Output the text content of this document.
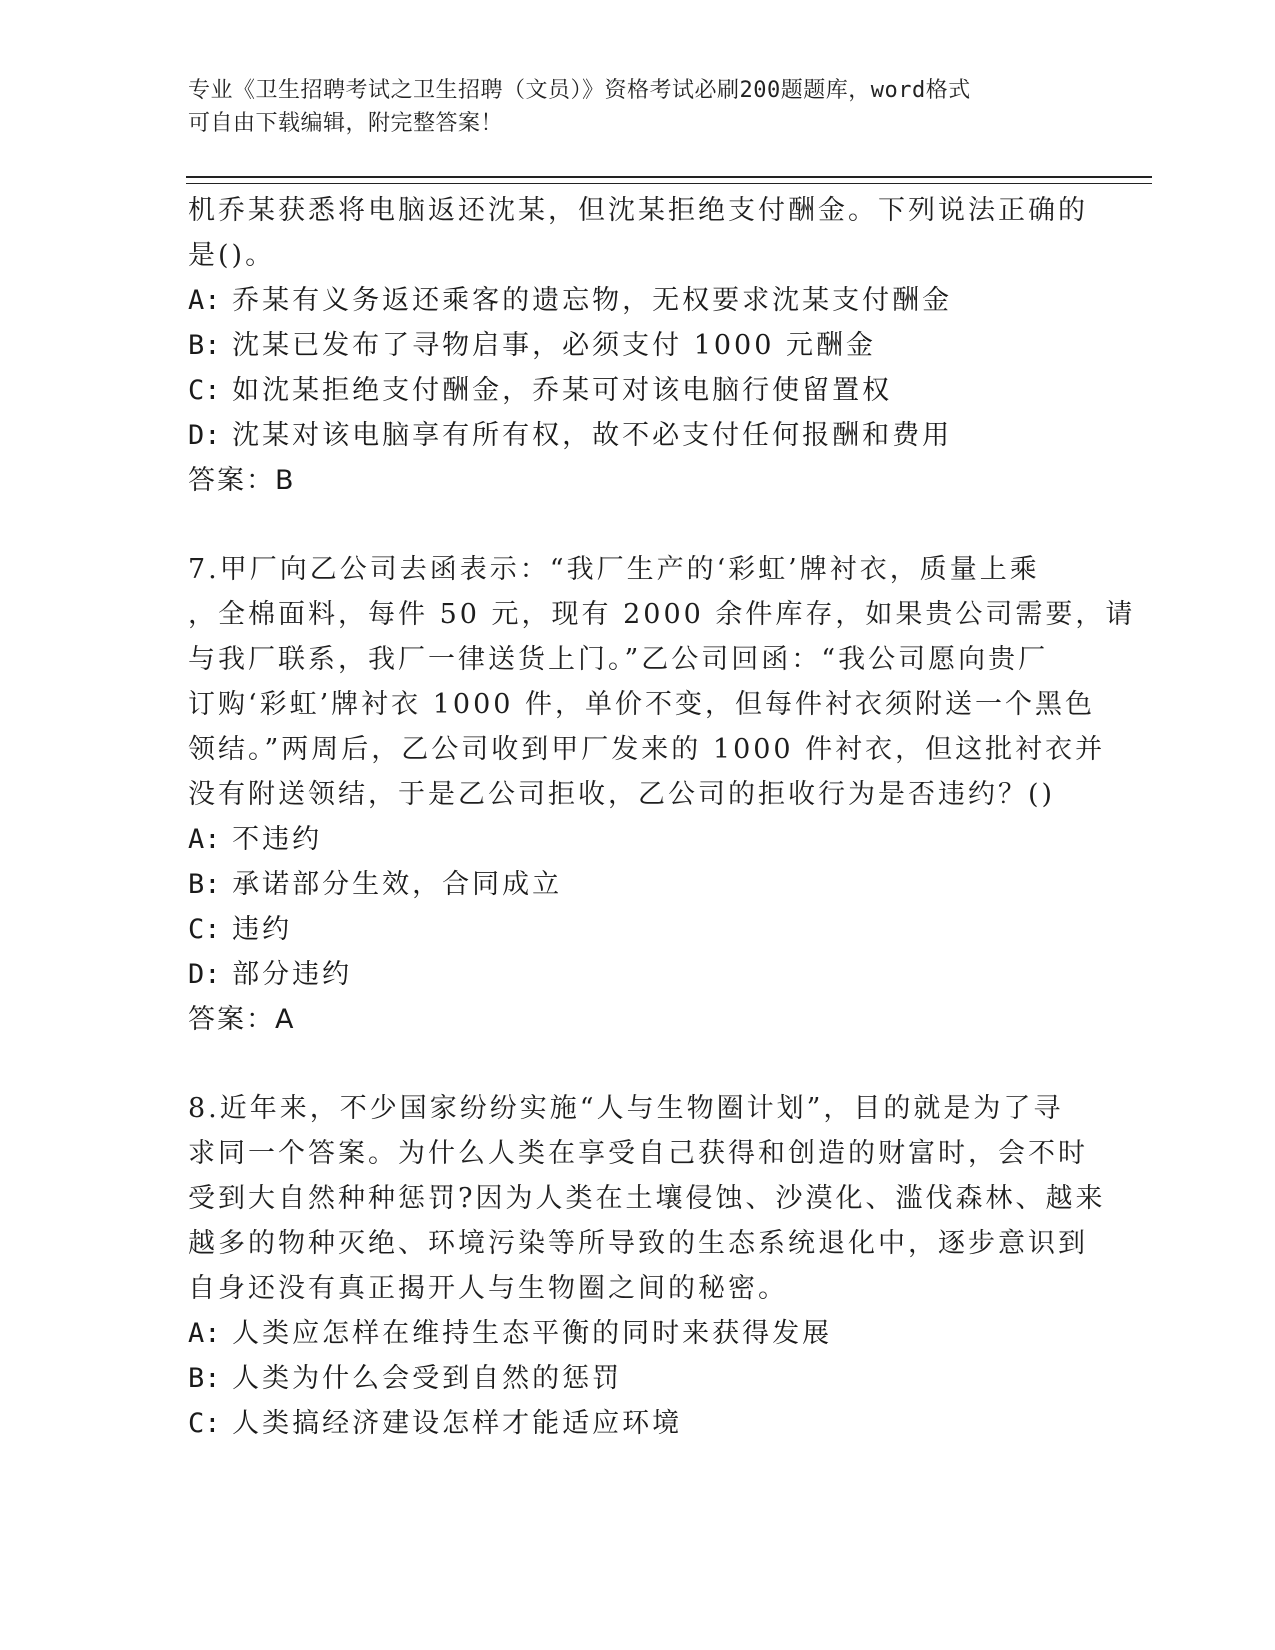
专业《卫生招聘考试之卫生招聘（文员）》资格考试必刷200题题库，word格式
可自由下载编辑，附完整答案！
机乔某获悉将电脑返还沈某，但沈某拒绝支付酬金。下列说法正确的
是()。
A: 乔某有义务返还乘客的遗忘物，无权要求沈某支付酬金
B: 沈某已发布了寻物启事，必须支付 1000 元酬金
C: 如沈某拒绝支付酬金，乔某可对该电脑行使留置权
D: 沈某对该电脑享有所有权，故不必支付任何报酬和费用
答案：B
7.甲厂向乙公司去函表示：“我厂生产的‘彩虹’牌衬衣，质量上乘
，全棉面料，每件 50 元，现有 2000 余件库存，如果贵公司需要，请
与我厂联系，我厂一律送货上门。”乙公司回函：“我公司愿向贵厂
订购‘彩虹’牌衬衣 1000 件，单价不变，但每件衬衣须附送一个黑色
领结。”两周后，乙公司收到甲厂发来的 1000 件衬衣，但这批衬衣并
没有附送领结，于是乙公司拒收，乙公司的拒收行为是否违约？()
A: 不违约
B: 承诺部分生效，合同成立
C: 违约
D: 部分违约
答案：A
8.近年来，不少国家纷纷实施“人与生物圈计划”，目的就是为了寻
求同一个答案。为什么人类在享受自己获得和创造的财富时，会不时
受到大自然种种惩罚?因为人类在土壤侵蚀、沙漠化、滥伐森林、越来
越多的物种灭绝、环境污染等所导致的生态系统退化中，逐步意识到
自身还没有真正揭开人与生物圈之间的秘密。
A: 人类应怎样在维持生态平衡的同时来获得发展
B: 人类为什么会受到自然的惩罚
C: 人类搞经济建设怎样才能适应环境
